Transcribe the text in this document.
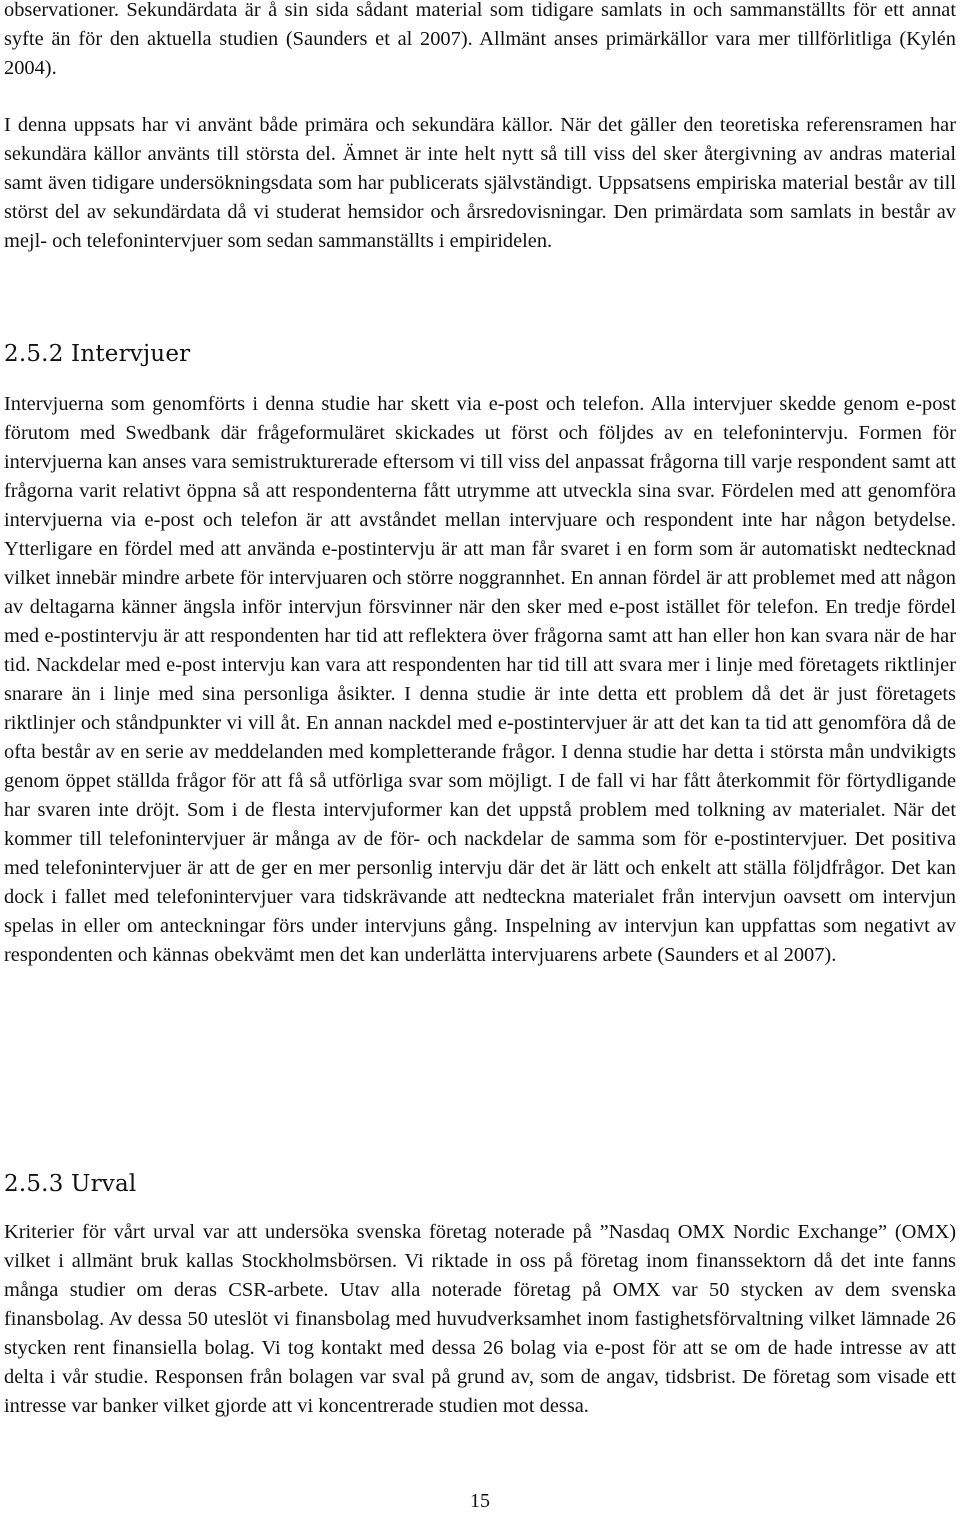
observationer. Sekundärdata är å sin sida sådant material som tidigare samlats in och sammanställts för ett annat syfte än för den aktuella studien (Saunders et al 2007). Allmänt anses primärkällor vara mer tillförlitliga (Kylén 2004).

I denna uppsats har vi använt både primära och sekundära källor. När det gäller den teoretiska referensramen har sekundära källor använts till största del. Ämnet är inte helt nytt så till viss del sker återgivning av andras material samt även tidigare undersökningsdata som har publicerats självständigt. Uppsatsens empiriska material består av till störst del av sekundärdata då vi studerat hemsidor och årsredovisningar. Den primärdata som samlats in består av mejl- och telefonintervjuer som sedan sammanställts i empiridelen.

2.5.2 Intervjuer

Intervjuerna som genomförts i denna studie har skett via e-post och telefon. Alla intervjuer skedde genom e-post förutom med Swedbank där frågeformuläret skickades ut först och följdes av en telefonintervju. Formen för intervjuerna kan anses vara semistrukturerade eftersom vi till viss del anpassat frågorna till varje respondent samt att frågorna varit relativt öppna så att respondenterna fått utrymme att utveckla sina svar. Fördelen med att genomföra intervjuerna via e-post och telefon är att avståndet mellan intervjuare och respondent inte har någon betydelse. Ytterligare en fördel med att använda e-postintervju är att man får svaret i en form som är automatiskt nedtecknad vilket innebär mindre arbete för intervjuaren och större noggrannhet. En annan fördel är att problemet med att någon av deltagarna känner ängsla inför intervjun försvinner när den sker med e-post istället för telefon. En tredje fördel med e-postintervju är att respondenten har tid att reflektera över frågorna samt att han eller hon kan svara när de har tid. Nackdelar med e-post intervju kan vara att respondenten har tid till att svara mer i linje med företagets riktlinjer snarare än i linje med sina personliga åsikter. I denna studie är inte detta ett problem då det är just företagets riktlinjer och ståndpunkter vi vill åt. En annan nackdel med e-postintervjuer är att det kan ta tid att genomföra då de ofta består av en serie av meddelanden med kompletterande frågor. I denna studie har detta i största mån undvikigts genom öppet ställda frågor för att få så utförliga svar som möjligt. I de fall vi har fått återkommit för förtydligande har svaren inte dröjt. Som i de flesta intervjuformer kan det uppstå problem med tolkning av materialet. När det kommer till telefonintervjuer är många av de för- och nackdelar de samma som för e-postintervjuer. Det positiva med telefonintervjuer är att de ger en mer personlig intervju där det är lätt och enkelt att ställa följdfrågor. Det kan dock i fallet med telefonintervjuer vara tidskrävande att nedteckna materialet från intervjun oavsett om intervjun spelas in eller om anteckningar förs under intervjuns gång. Inspelning av intervjun kan uppfattas som negativt av respondenten och kännas obekvämt men det kan underlätta intervjuarens arbete (Saunders et al 2007).

2.5.3 Urval

Kriterier för vårt urval var att undersöka svenska företag noterade på ”Nasdaq OMX Nordic Exchange” (OMX) vilket i allmänt bruk kallas Stockholmsbörsen. Vi riktade in oss på företag inom finanssektorn då det inte fanns många studier om deras CSR-arbete. Utav alla noterade företag på OMX var 50 stycken av dem svenska finansbolag. Av dessa 50 uteslöt vi finansbolag med huvudverksamhet inom fastighetsförvaltning vilket lämnade 26 stycken rent finansiella bolag. Vi tog kontakt med dessa 26 bolag via e-post för att se om de hade intresse av att delta i vår studie. Responsen från bolagen var sval på grund av, som de angav, tidsbrist. De företag som visade ett intresse var banker vilket gjorde att vi koncentrerade studien mot dessa.

15
